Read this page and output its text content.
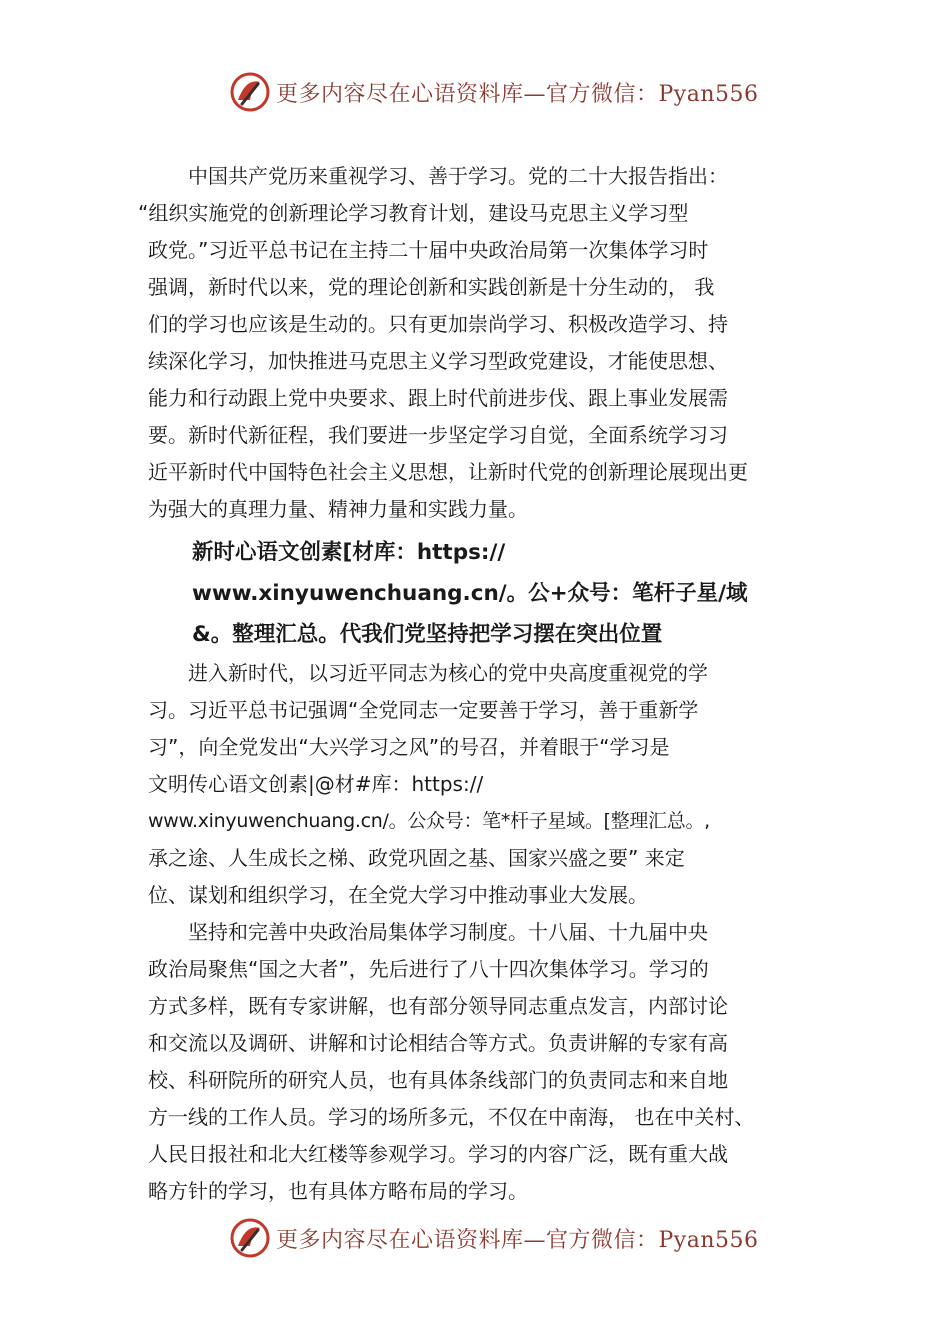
更多内容尽在心语资料库—官方微信：Pyan556

中国共产党历来重视学习、善于学习。党的二十大报告指出：
“组织实施党的创新理论学习教育计划，建设马克思主义学习型
政党。”习近平总书记在主持二十届中央政治局第一次集体学习时
强调，新时代以来，党的理论创新和实践创新是十分生动的， 我
们的学习也应该是生动的。只有更加崇尚学习、积极改造学习、持
续深化学习，加快推进马克思主义学习型政党建设，才能使思想、
能力和行动跟上党中央要求、跟上时代前进步伐、跟上事业发展需
要。新时代新征程，我们要进一步坚定学习自觉，全面系统学习习
近平新时代中国特色社会主义思想，让新时代党的创新理论展现出更
为强大的真理力量、精神力量和实践力量。

新时心语文创素[材库：https://
www.xinyuwenchuang.cn/。公+众号：笔杆子星/域
&。整理汇总。代我们党坚持把学习摆在突出位置

进入新时代，以习近平同志为核心的党中央高度重视党的学
习。习近平总书记强调“全党同志一定要善于学习，善于重新学
习”，向全党发出“大兴学习之风”的号召，并着眼于“学习是
文明传心语文创素|@材#库：https://
www.xinyuwenchuang.cn/。公众号：笔*杆子星域。[整理汇总。,
承之途、人生成长之梯、政党巩固之基、国家兴盛之要” 来定
位、谋划和组织学习，在全党大学习中推动事业大发展。

坚持和完善中央政治局集体学习制度。十八届、十九届中央
政治局聚焦“国之大者”，先后进行了八十四次集体学习。学习的
方式多样，既有专家讲解，也有部分领导同志重点发言，内部讨论
和交流以及调研、讲解和讨论相结合等方式。负责讲解的专家有高
校、科研院所的研究人员，也有具体条线部门的负责同志和来自地
方一线的工作人员。学习的场所多元，不仅在中南海， 也在中关村、
人民日报社和北大红楼等参观学习。学习的内容广泛，既有重大战
略方针的学习，也有具体方略布局的学习。

更多内容尽在心语资料库—官方微信：Pyan556
